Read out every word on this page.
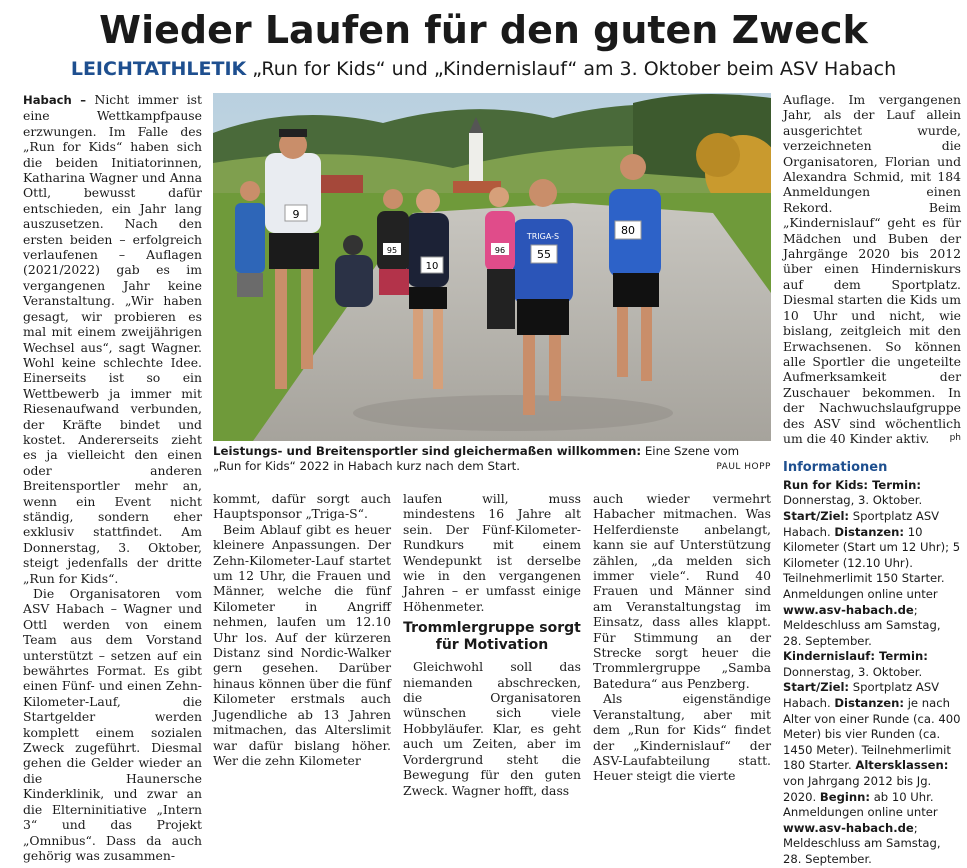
Wieder Laufen für den guten Zweck
LEICHTATHLETIK „Run for Kids“ und „Kindernislauf“ am 3. Oktober beim ASV Habach

Habach – Nicht immer ist eine Wettkampfpause erzwungen. Im Falle des „Run for Kids“ haben sich die beiden Initiatorinnen, Katharina Wagner und Anna Ottl, bewusst dafür entschieden, ein Jahr lang auszusetzen. Nach den ersten beiden – erfolgreich verlaufenen – Auflagen (2021/2022) gab es im vergangenen Jahr keine Veranstaltung. „Wir haben gesagt, wir probieren es mal mit einem zweijährigen Wechsel aus“, sagt Wagner. Wohl keine schlechte Idee. Einerseits ist so ein Wettbewerb ja immer mit Riesenaufwand verbunden, der Kräfte bindet und kostet. Andererseits zieht es ja vielleicht den einen oder anderen Breitensportler mehr an, wenn ein Event nicht ständig, sondern eher exklusiv stattfindet. Am Donnerstag, 3. Oktober, steigt jedenfalls der dritte „Run for Kids“.

Die Organisatoren vom ASV Habach – Wagner und Ottl werden von einem Team aus dem Vorstand unterstützt – setzen auf ein bewährtes Format. Es gibt einen Fünf- und einen Zehn-Kilometer-Lauf, die Startgelder werden komplett einem sozialen Zweck zugeführt. Diesmal gehen die Gelder wieder an die Haunersche Kinderklinik, und zwar an die Elterninitiative „Intern 3“ und das Projekt „Omnibus“. Dass da auch gehörig was zusammen-

9
10
TRIGA-S
55
80
95	96
Leistungs- und Breitensportler sind gleichermaßen willkommen: Eine Szene vom „Run for Kids“ 2022 in Habach kurz nach dem Start.	PAUL HOPP

kommt, dafür sorgt auch Hauptsponsor „Triga-S“.

Beim Ablauf gibt es heuer kleinere Anpassungen. Der Zehn-Kilometer-Lauf startet um 12 Uhr, die Frauen und Männer, welche die fünf Kilometer in Angriff nehmen, laufen um 12.10 Uhr los. Auf der kürzeren Distanz sind Nordic-Walker gern gesehen. Darüber hinaus können über die fünf Kilometer erstmals auch Jugendliche ab 13 Jahren mitmachen, das Alterslimit war dafür bislang höher. Wer die zehn Kilometer

laufen will, muss mindestens 16 Jahre alt sein. Der Fünf-Kilometer-Rundkurs mit einem Wendepunkt ist derselbe wie in den vergangenen Jahren – er umfasst einige Höhenmeter.

Trommlergruppe sorgt für Motivation

Gleichwohl soll das niemanden abschrecken, die Organisatoren wünschen sich viele Hobbyläufer. Klar, es geht auch um Zeiten, aber im Vordergrund steht die Bewegung für den guten Zweck. Wagner hofft, dass

auch wieder vermehrt Habacher mitmachen. Was Helferdienste anbelangt, kann sie auf Unterstützung zählen, „da melden sich immer viele“. Rund 40 Frauen und Männer sind am Veranstaltungstag im Einsatz, dass alles klappt. Für Stimmung an der Strecke sorgt heuer die Trommlergruppe „Samba Batedura“ aus Penzberg.

Als eigenständige Veranstaltung, aber mit dem „Run for Kids“ findet der „Kindernislauf“ der ASV-Laufabteilung statt. Heuer steigt die vierte

Auflage. Im vergangenen Jahr, als der Lauf allein ausgerichtet wurde, verzeichneten die Organisatoren, Florian und Alexandra Schmid, mit 184 Anmeldungen einen Rekord. Beim „Kindernislauf“ geht es für Mädchen und Buben der Jahrgänge 2020 bis 2012 über einen Hinderniskurs auf dem Sportplatz. Diesmal starten die Kids um 10 Uhr und nicht, wie bislang, zeitgleich mit den Erwachsenen. So können alle Sportler die ungeteilte Aufmerksamkeit der Zuschauer bekommen. In der Nachwuchslaufgruppe des ASV sind wöchentlich um die 40 Kinder aktiv. ph

Informationen
Run for Kids: Termin: Donnerstag, 3. Oktober. Start/Ziel: Sportplatz ASV Habach. Distanzen: 10 Kilometer (Start um 12 Uhr); 5 Kilometer (12.10 Uhr). Teilnehmerlimit 150 Starter. Anmeldungen online unter www.asv-habach.de; Meldeschluss am Samstag, 28. September.
Kindernislauf: Termin: Donnerstag, 3. Oktober. Start/Ziel: Sportplatz ASV Habach. Distanzen: je nach Alter von einer Runde (ca. 400 Meter) bis vier Runden (ca. 1450 Meter). Teilnehmerlimit 180 Starter. Altersklassen: von Jahrgang 2012 bis Jg. 2020. Beginn: ab 10 Uhr. Anmeldungen online unter www.asv-habach.de; Meldeschluss am Samstag, 28. September.
